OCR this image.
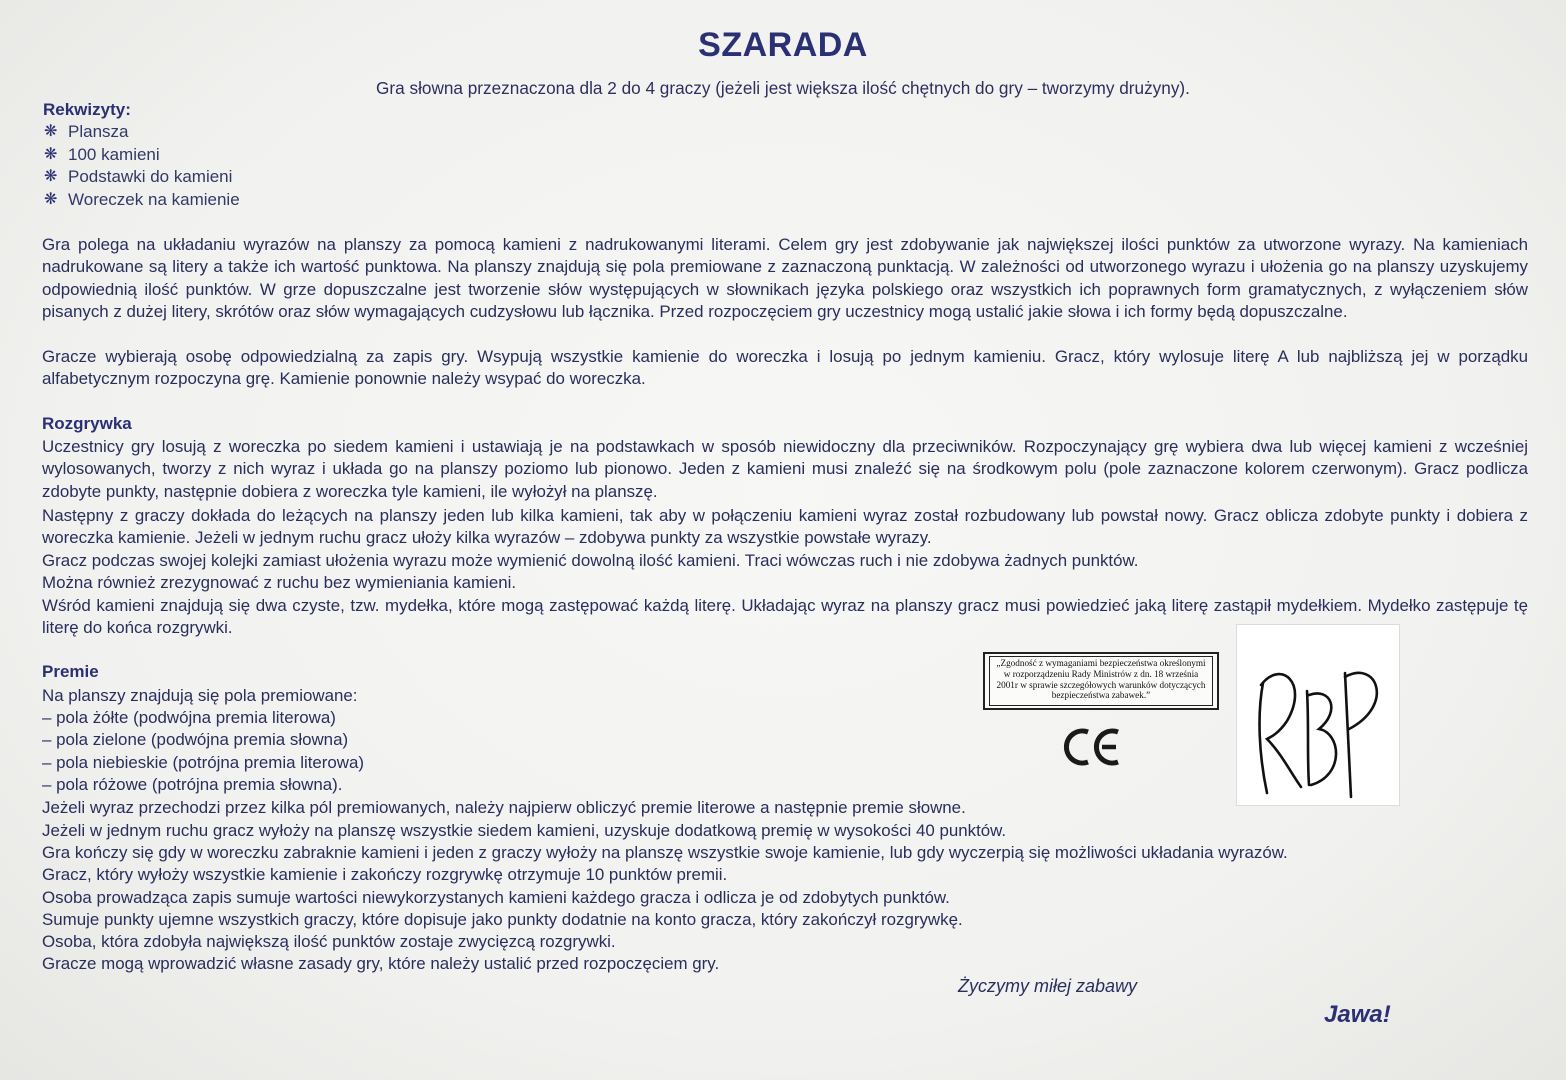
SZARADA
Gra słowna przeznaczona dla 2 do 4 graczy (jeżeli jest większa ilość chętnych do gry – tworzymy drużyny).
Rekwizyty:
❋ Plansza
❋ 100 kamieni
❋ Podstawki do kamieni
❋ Woreczek na kamienie

Gra polega na układaniu wyrazów na planszy za pomocą kamieni z nadrukowanymi literami. Celem gry jest zdobywanie jak największej ilości punktów za utworzone wyrazy. Na kamieniach nadrukowane są litery a także ich wartość punktowa. Na planszy znajdują się pola premiowane z zaznaczoną punktacją. W zależności od utworzonego wyrazu i ułożenia go na planszy uzyskujemy odpowiednią ilość punktów. W grze dopuszczalne jest tworzenie słów występujących w słownikach języka polskiego oraz wszystkich ich poprawnych form gramatycznych, z wyłączeniem słów pisanych z dużej litery, skrótów oraz słów wymagających cudzysłowu lub łącznika. Przed rozpoczęciem gry uczestnicy mogą ustalić jakie słowa i ich formy będą dopuszczalne.

Gracze wybierają osobę odpowiedzialną za zapis gry. Wsypują wszystkie kamienie do woreczka i losują po jednym kamieniu. Gracz, który wylosuje literę A lub najbliższą jej w porządku alfabetycznym rozpoczyna grę. Kamienie ponownie należy wsypać do woreczka.

Rozgrywka

Uczestnicy gry losują z woreczka po siedem kamieni i ustawiają je na podstawkach w sposób niewidoczny dla przeciwników. Rozpoczynający grę wybiera dwa lub więcej kamieni z wcześniej wylosowanych, tworzy z nich wyraz i układa go na planszy poziomo lub pionowo. Jeden z kamieni musi znaleźć się na środkowym polu (pole zaznaczone kolorem czerwonym). Gracz podlicza zdobyte punkty, następnie dobiera z woreczka tyle kamieni, ile wyłożył na planszę.

Następny z graczy dokłada do leżących na planszy jeden lub kilka kamieni, tak aby w połączeniu kamieni wyraz został rozbudowany lub powstał nowy. Gracz oblicza zdobyte punkty i dobiera z woreczka kamienie. Jeżeli w jednym ruchu gracz ułoży kilka wyrazów – zdobywa punkty za wszystkie powstałe wyrazy.

Gracz podczas swojej kolejki zamiast ułożenia wyrazu może wymienić dowolną ilość kamieni. Traci wówczas ruch i nie zdobywa żadnych punktów.

Można również zrezygnować z ruchu bez wymieniania kamieni.

Wśród kamieni znajdują się dwa czyste, tzw. mydełka, które mogą zastępować każdą literę. Układając wyraz na planszy gracz musi powiedzieć jaką literę zastąpił mydełkiem. Mydełko zastępuje tę literę do końca rozgrywki.

Premie

Na planszy znajdują się pola premiowane:

– pola żółte (podwójna premia literowa)
– pola zielone (podwójna premia słowna)
– pola niebieskie (potrójna premia literowa)
– pola różowe (potrójna premia słowna).

Jeżeli wyraz przechodzi przez kilka pól premiowanych, należy najpierw obliczyć premie literowe a następnie premie słowne.

Jeżeli w jednym ruchu gracz wyłoży na planszę wszystkie siedem kamieni, uzyskuje dodatkową premię w wysokości 40 punktów.

Gra kończy się gdy w woreczku zabraknie kamieni i jeden z graczy wyłoży na planszę wszystkie swoje kamienie, lub gdy wyczerpią się możliwości układania wyrazów.

Gracz, który wyłoży wszystkie kamienie i zakończy rozgrywkę otrzymuje 10 punktów premii.

Osoba prowadząca zapis sumuje wartości niewykorzystanych kamieni każdego gracza i odlicza je od zdobytych punktów.

Sumuje punkty ujemne wszystkich graczy, które dopisuje jako punkty dodatnie na konto gracza, który zakończył rozgrywkę.

Osoba, która zdobyła największą ilość punktów zostaje zwycięzcą rozgrywki.

Gracze mogą wprowadzić własne zasady gry, które należy ustalić przed rozpoczęciem gry.

„Zgodność z wymaganiami bezpieczeństwa określonymi w rozporządzeniu Rady Ministrów z dn. 18 września 2001r w sprawie szczegółowych warunków dotyczących bezpieczeństwa zabawek.”
Życzymy miłej zabawy
Jawa!
